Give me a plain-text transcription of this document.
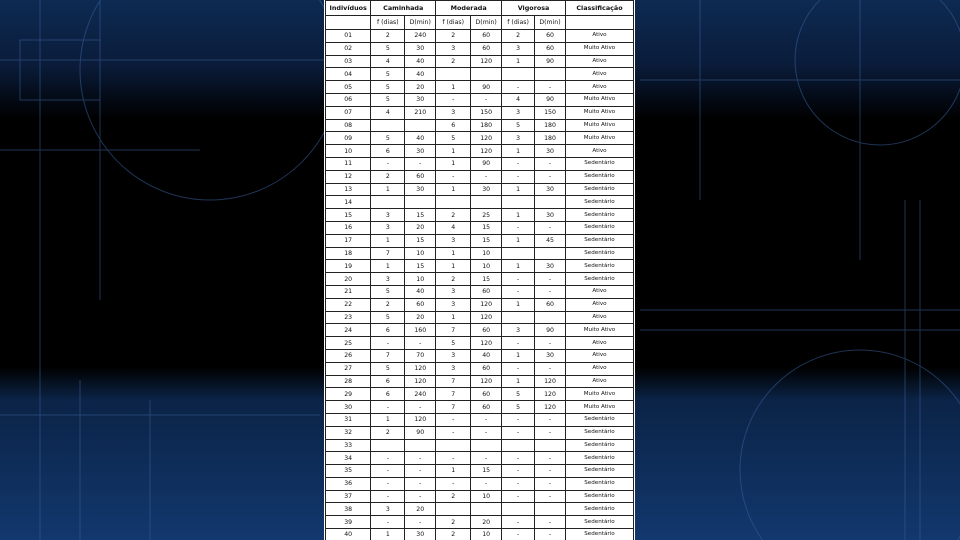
Indivíduos	Caminhada		Moderada		Vigorosa		Classificação
	f (dias)	D(min)	f (dias)	D(min)	f (dias)	D(min)	
01	2	240	2	60	2	60	Ativo
02	5	30	3	60	3	60	Muito Ativo
03	4	40	2	120	1	90	Ativo
04	5	40					Ativo
05	5	20	1	90	-	-	Ativo
06	5	30	-	-	4	90	Muito Ativo
07	4	210	3	150	3	150	Muito Ativo
08			6	180	5	180	Muito Ativo
09	5	40	5	120	3	180	Muito Ativo
10	6	30	1	120	1	30	Ativo
11	-	-	1	90	-	-	Sedentário
12	2	60	-	-	-	-	Sedentário
13	1	30	1	30	1	30	Sedentário
14							Sedentário
15	3	15	2	25	1	30	Sedentário
16	3	20	4	15	-	-	Sedentário
17	1	15	3	15	1	45	Sedentário
18	7	10	1	10			Sedentário
19	1	15	1	10	1	30	Sedentário
20	3	10	2	15	-	-	Sedentário
21	5	40	3	60	-	-	Ativo
22	2	60	3	120	1	60	Ativo
23	5	20	1	120			Ativo
24	6	160	7	60	3	90	Muito Ativo
25	-	-	5	120	-	-	Ativo
26	7	70	3	40	1	30	Ativo
27	5	120	3	60	-	-	Ativo
28	6	120	7	120	1	120	Ativo
29	6	240	7	60	5	120	Muito Ativo
30	-	-	7	60	5	120	Muito Ativo
31	1	120	-	-	-	-	Sedentário
32	2	90	-	-	-	-	Sedentário
33							Sedentário
34	-	-	-	-	-	-	Sedentário
35	-	-	1	15	-	-	Sedentário
36	-	-	-	-	-	-	Sedentário
37	-	-	2	10	-	-	Sedentário
38	3	20					Sedentário
39	-	-	2	20	-	-	Sedentário
40	1	30	2	10	-	-	Sedentário
